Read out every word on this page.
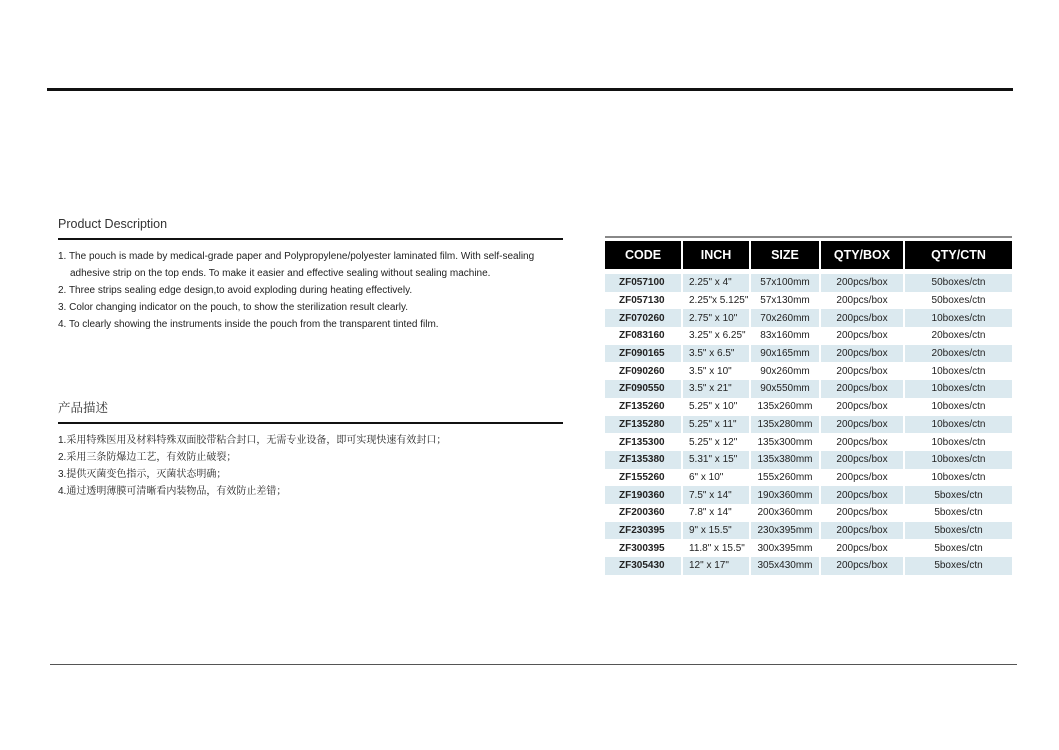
Product Description
1. The pouch is made by medical-grade paper and Polypropylene/polyester laminated film. With self-sealing
adhesive strip on the top ends. To make it easier and effective sealing without sealing machine.
2. Three strips sealing edge design,to avoid exploding during heating effectively.
3. Color changing indicator on the pouch, to show the sterilization result clearly.
4. To clearly showing the instruments inside the pouch from the transparent tinted film.
产品描述
1.采用特殊医用及材料特殊双面胶带粘合封口，无需专业设备，即可实现快速有效封口；
2.采用三条防爆边工艺，有效防止破裂；
3.提供灭菌变色指示，灭菌状态明确；
4.通过透明薄膜可清晰看内装物品，有效防止差错；
CODE	INCH	SIZE	QTY/BOX	QTY/CTN
ZF057100	2.25" x 4"	57x100mm	200pcs/box	50boxes/ctn
ZF057130	2.25"x 5.125"	57x130mm	200pcs/box	50boxes/ctn
ZF070260	2.75" x 10"	70x260mm	200pcs/box	10boxes/ctn
ZF083160	3.25" x 6.25"	83x160mm	200pcs/box	20boxes/ctn
ZF090165	3.5" x 6.5"	90x165mm	200pcs/box	20boxes/ctn
ZF090260	3.5" x 10"	90x260mm	200pcs/box	10boxes/ctn
ZF090550	3.5" x 21"	90x550mm	200pcs/box	10boxes/ctn
ZF135260	5.25" x 10"	135x260mm	200pcs/box	10boxes/ctn
ZF135280	5.25" x 11"	135x280mm	200pcs/box	10boxes/ctn
ZF135300	5.25" x 12"	135x300mm	200pcs/box	10boxes/ctn
ZF135380	5.31" x 15"	135x380mm	200pcs/box	10boxes/ctn
ZF155260	6" x 10"	155x260mm	200pcs/box	10boxes/ctn
ZF190360	7.5" x 14"	190x360mm	200pcs/box	5boxes/ctn
ZF200360	7.8" x 14"	200x360mm	200pcs/box	5boxes/ctn
ZF230395	9" x 15.5"	230x395mm	200pcs/box	5boxes/ctn
ZF300395	11.8" x 15.5"	300x395mm	200pcs/box	5boxes/ctn
ZF305430	12" x 17"	305x430mm	200pcs/box	5boxes/ctn
